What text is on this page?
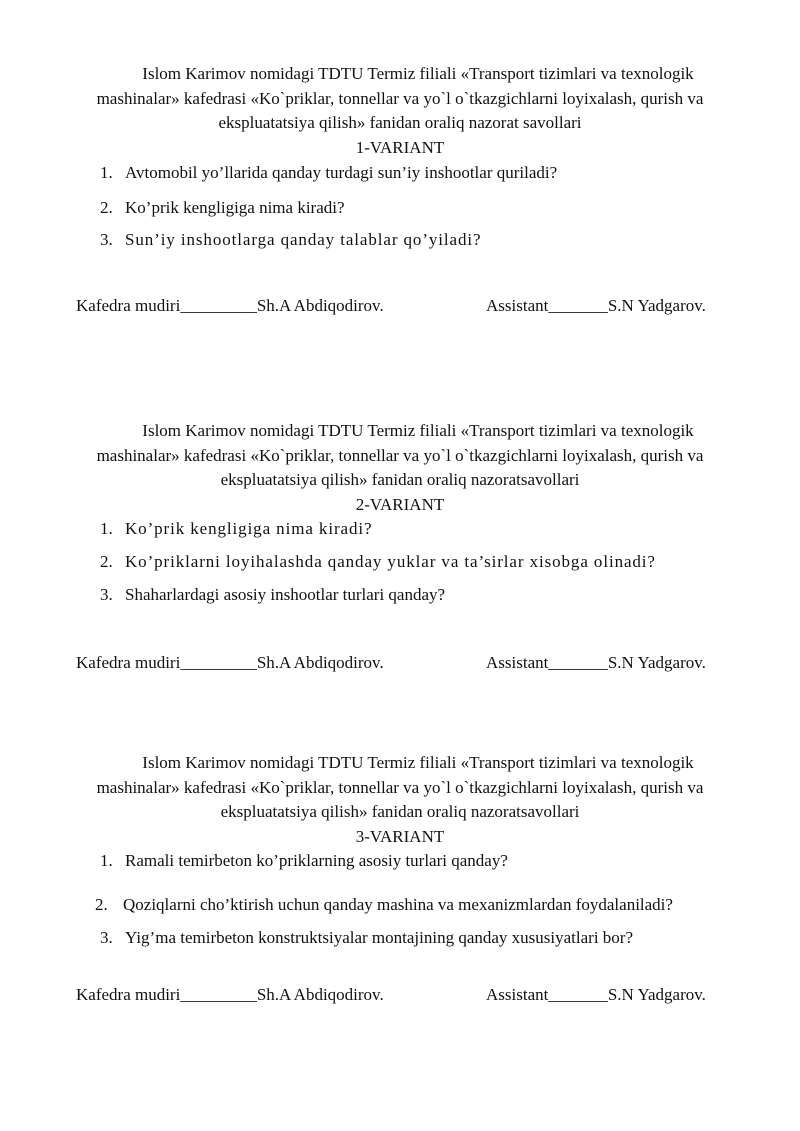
Islom Karimov nomidagi TDTU Termiz filiali «Transport tizimlari va texnologik mashinalar» kafedrasi «Ko`priklar, tonnellar va yo`l o`tkazgichlarni loyixalash, qurish va ekspluatatsiya qilish» fanidan oraliq nazorat savollari
1-VARIANT
1. Avtomobil yo’llarida qanday turdagi sun’iy inshootlar quriladi?
2. Ko’prik kengligiga nima kiradi?
3. Sun’iy inshootlarga qanday talablar qo’yiladi?
Kafedra mudiri_________Sh.A Abdiqodirov.	Assistant_______S.N Yadgarov.
Islom Karimov nomidagi TDTU Termiz filiali «Transport tizimlari va texnologik mashinalar» kafedrasi «Ko`priklar, tonnellar va yo`l o`tkazgichlarni loyixalash, qurish va ekspluatatsiya qilish» fanidan oraliq nazoratsavollari
2-VARIANT
1. Ko’prik kengligiga nima kiradi?
2. Ko’priklarni loyihalashda qanday yuklar va ta’sirlar xisobga olinadi?
3. Shaharlardagi asosiy inshootlar turlari qanday?
Kafedra mudiri_________Sh.A Abdiqodirov.	Assistant_______S.N Yadgarov.
Islom Karimov nomidagi TDTU Termiz filiali «Transport tizimlari va texnologik mashinalar» kafedrasi «Ko`priklar, tonnellar va yo`l o`tkazgichlarni loyixalash, qurish va ekspluatatsiya qilish» fanidan oraliq nazoratsavollari
3-VARIANT
1. Ramali temirbeton ko’priklarning asosiy turlari qanday?
2. Qoziqlarni cho’ktirish uchun qanday mashina va mexanizmlardan foydalaniladi?
3. Yig’ma temirbeton konstruktsiyalar montajining qanday xususiyatlari bor?
Kafedra mudiri_________Sh.A Abdiqodirov.	Assistant_______S.N Yadgarov.
